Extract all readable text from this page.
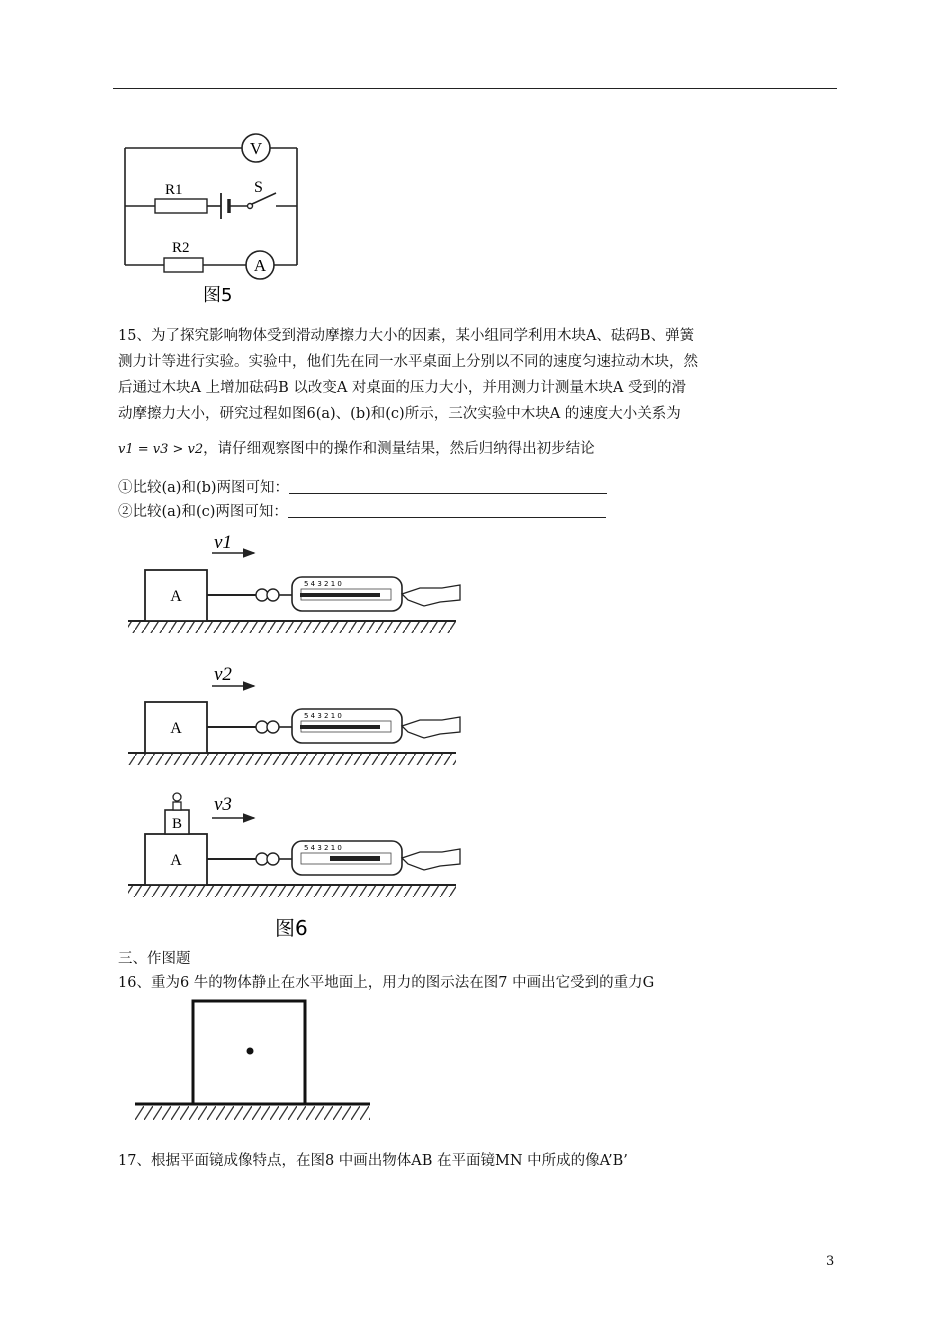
V
A
R1
R2
S
图5
15、为了探究影响物体受到滑动摩擦力大小的因素，某小组同学利用木块A、砝码B、弹簧
测力计等进行实验。实验中，他们先在同一水平桌面上分别以不同的速度匀速拉动木块，然
后通过木块A 上增加砝码B 以改变A 对桌面的压力大小，并用测力计测量木块A 受到的滑
动摩擦力大小，研究过程如图6(a)、(b)和(c)所示，三次实验中木块A 的速度大小关系为
v1 = v3 > v2，请仔细观察图中的操作和测量结果，然后归纳得出初步结论
①比较(a)和(b)两图可知：
②比较(a)和(c)两图可知：
A
5 4 3 2 1 0
v1
A
5 4 3 2 1 0
v2
A
B
5 4 3 2 1 0
v3
图6
三、作图题
16、重为6 牛的物体静止在水平地面上，用力的图示法在图7 中画出它受到的重力G
17、根据平面镜成像特点，在图8 中画出物体AB 在平面镜MN 中所成的像A’B’
3
